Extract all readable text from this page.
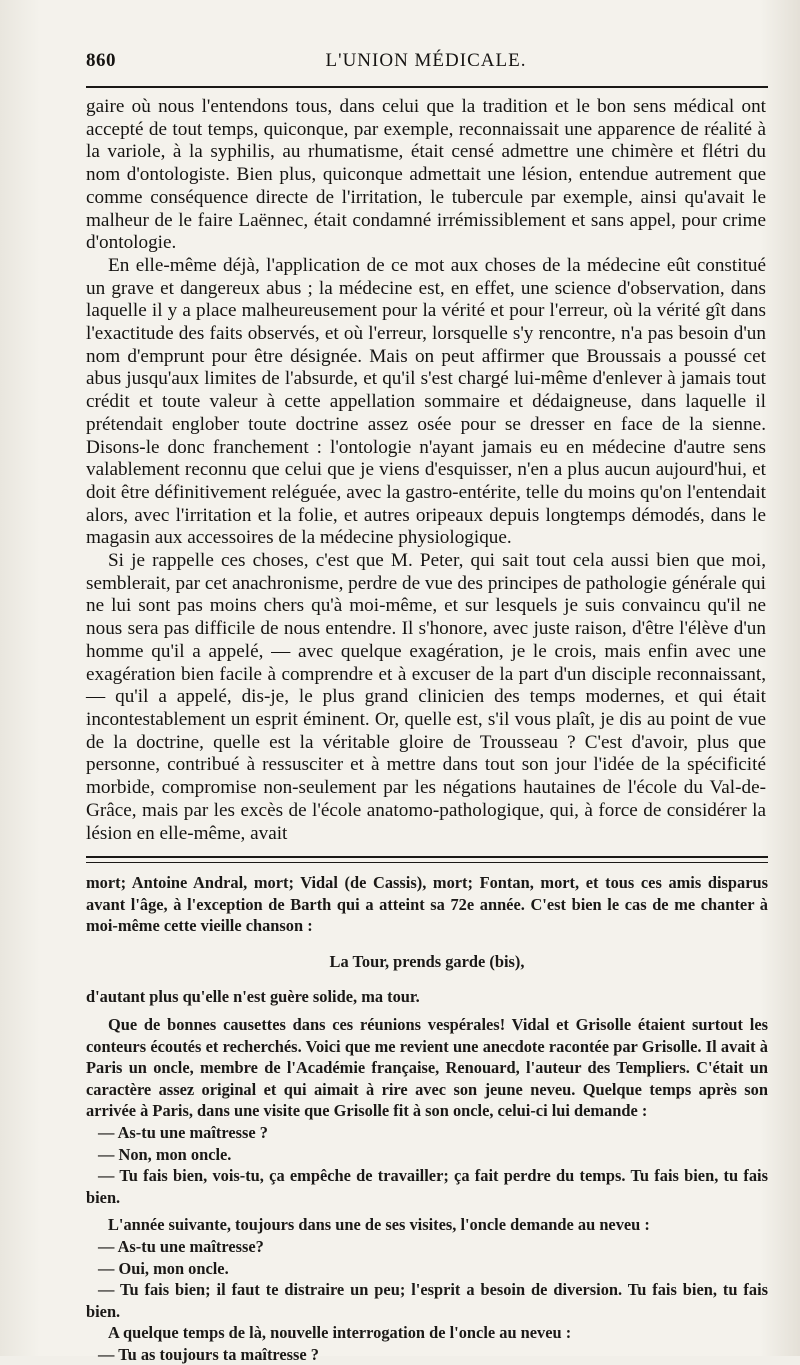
860	L'UNION MÉDICALE.

gaire où nous l'entendons tous, dans celui que la tradition et le bon sens médical ont accepté de tout temps, quiconque, par exemple, reconnaissait une apparence de réalité à la variole, à la syphilis, au rhumatisme, était censé admettre une chimère et flétri du nom d'ontologiste. Bien plus, quiconque admettait une lésion, entendue autrement que comme conséquence directe de l'irritation, le tubercule par exemple, ainsi qu'avait le malheur de le faire Laënnec, était condamné irrémissiblement et sans appel, pour crime d'ontologie.

En elle-même déjà, l'application de ce mot aux choses de la médecine eût constitué un grave et dangereux abus ; la médecine est, en effet, une science d'observation, dans laquelle il y a place malheureusement pour la vérité et pour l'erreur, où la vérité gît dans l'exactitude des faits observés, et où l'erreur, lorsquelle s'y rencontre, n'a pas besoin d'un nom d'emprunt pour être désignée. Mais on peut affirmer que Broussais a poussé cet abus jusqu'aux limites de l'absurde, et qu'il s'est chargé lui-même d'enlever à jamais tout crédit et toute valeur à cette appellation sommaire et dédaigneuse, dans laquelle il prétendait englober toute doctrine assez osée pour se dresser en face de la sienne. Disons-le donc franchement : l'ontologie n'ayant jamais eu en médecine d'autre sens valablement reconnu que celui que je viens d'esquisser, n'en a plus aucun aujourd'hui, et doit être définitivement reléguée, avec la gastro-entérite, telle du moins qu'on l'entendait alors, avec l'irritation et la folie, et autres oripeaux depuis longtemps démodés, dans le magasin aux accessoires de la médecine physiologique.

Si je rappelle ces choses, c'est que M. Peter, qui sait tout cela aussi bien que moi, semblerait, par cet anachronisme, perdre de vue des principes de pathologie générale qui ne lui sont pas moins chers qu'à moi-même, et sur lesquels je suis convaincu qu'il ne nous sera pas difficile de nous entendre. Il s'honore, avec juste raison, d'être l'élève d'un homme qu'il a appelé, — avec quelque exagération, je le crois, mais enfin avec une exagération bien facile à comprendre et à excuser de la part d'un disciple reconnaissant, — qu'il a appelé, dis-je, le plus grand clinicien des temps modernes, et qui était incontestablement un esprit éminent. Or, quelle est, s'il vous plaît, je dis au point de vue de la doctrine, quelle est la véritable gloire de Trousseau ? C'est d'avoir, plus que personne, contribué à ressusciter et à mettre dans tout son jour l'idée de la spécificité morbide, compromise non-seulement par les négations hautaines de l'école du Val-de-Grâce, mais par les excès de l'école anatomo-pathologique, qui, à force de considérer la lésion en elle-même, avait

mort; Antoine Andral, mort; Vidal (de Cassis), mort; Fontan, mort, et tous ces amis disparus avant l'âge, à l'exception de Barth qui a atteint sa 72e année. C'est bien le cas de me chanter à moi-même cette vieille chanson :

La Tour, prends garde (bis),

d'autant plus qu'elle n'est guère solide, ma tour.

Que de bonnes causettes dans ces réunions vespérales! Vidal et Grisolle étaient surtout les conteurs écoutés et recherchés. Voici que me revient une anecdote racontée par Grisolle. Il avait à Paris un oncle, membre de l'Académie française, Renouard, l'auteur des Templiers. C'était un caractère assez original et qui aimait à rire avec son jeune neveu. Quelque temps après son arrivée à Paris, dans une visite que Grisolle fit à son oncle, celui-ci lui demande :

— As-tu une maîtresse ?

— Non, mon oncle.

— Tu fais bien, vois-tu, ça empêche de travailler; ça fait perdre du temps. Tu fais bien, tu fais bien.

L'année suivante, toujours dans une de ses visites, l'oncle demande au neveu :

— As-tu une maîtresse?

— Oui, mon oncle.

— Tu fais bien; il faut te distraire un peu; l'esprit a besoin de diversion. Tu fais bien, tu fais bien.

A quelque temps de là, nouvelle interrogation de l'oncle au neveu :

— Tu as toujours ta maîtresse ?
